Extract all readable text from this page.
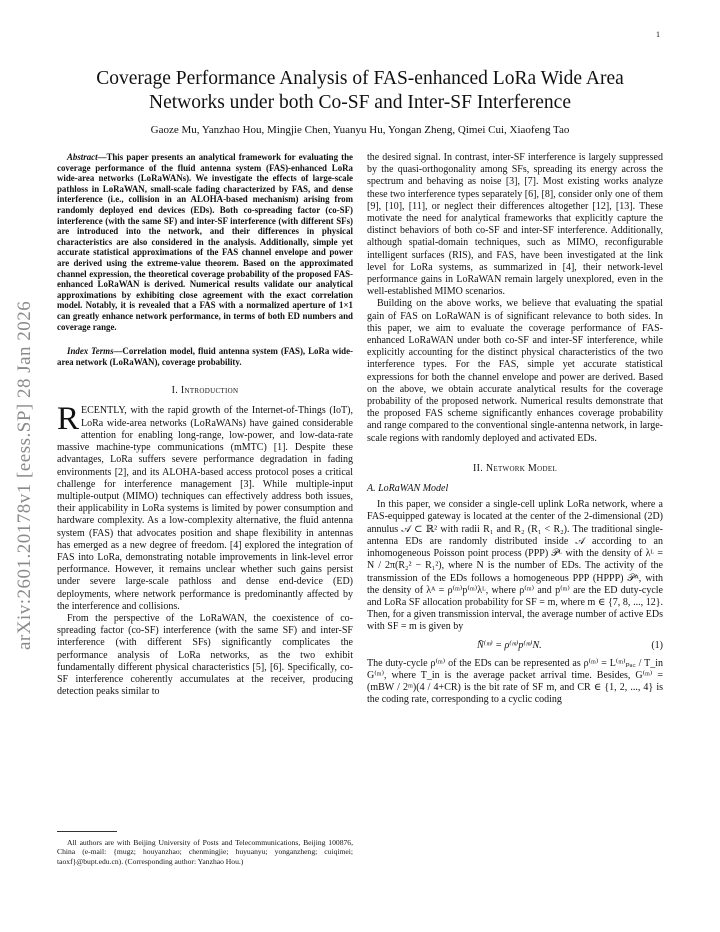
1
arXiv:2601.20178v1 [eess.SP] 28 Jan 2026
Coverage Performance Analysis of FAS-enhanced LoRa Wide Area Networks under both Co-SF and Inter-SF Interference
Gaoze Mu, Yanzhao Hou, Mingjie Chen, Yuanyu Hu, Yongan Zheng, Qimei Cui, Xiaofeng Tao
Abstract—This paper presents an analytical framework for evaluating the coverage performance of the fluid antenna system (FAS)-enhanced LoRa wide-area networks (LoRaWANs). We investigate the effects of large-scale pathloss in LoRaWAN, small-scale fading characterized by FAS, and dense interference (i.e., collision in an ALOHA-based mechanism) arising from randomly deployed end devices (EDs). Both co-spreading factor (co-SF) interference (with the same SF) and inter-SF interference (with different SFs) are introduced into the network, and their differences in physical characteristics are also considered in the analysis. Additionally, simple yet accurate statistical approximations of the FAS channel envelope and power are derived using the extreme-value theorem. Based on the approximated channel expression, the theoretical coverage probability of the proposed FAS-enhanced LoRaWAN is derived. Numerical results validate our analytical approximations by exhibiting close agreement with the exact correlation model. Notably, it is revealed that a FAS with a normalized aperture of 1×1 can greatly enhance network performance, in terms of both ED numbers and coverage range.
Index Terms—Correlation model, fluid antenna system (FAS), LoRa wide-area network (LoRaWAN), coverage probability.
I. Introduction

RECENTLY, with the rapid growth of the Internet-of-Things (IoT), LoRa wide-area networks (LoRaWANs) have gained considerable attention for enabling long-range, low-power, and low-data-rate massive machine-type communications (mMTC) [1]. Despite these advantages, LoRa suffers severe performance degradation in fading environments [2], and its ALOHA-based access protocol poses a critical challenge for interference management [3]. While multiple-input multiple-output (MIMO) techniques can effectively address both issues, their applicability in LoRa systems is limited by power consumption and hardware complexity. As a low-complexity alternative, the fluid antenna system (FAS) that advocates position and shape flexibility in antennas has emerged as a new degree of freedom. [4] explored the integration of FAS into LoRa, demonstrating notable improvements in link-level error performance. However, it remains unclear whether such gains persist under severe large-scale pathloss and dense end-device (ED) deployments, where network performance is predominantly affected by the interference and collisions.

From the perspective of the LoRaWAN, the coexistence of co-spreading factor (co-SF) interference (with the same SF) and inter-SF interference (with different SFs) significantly complicates the performance analysis of LoRa networks, as the two exhibit fundamentally different physical characteristics [5], [6]. Specifically, co-SF interference coherently accumulates at the receiver, producing detection peaks similar to

All authors are with Beijing University of Posts and Telecommunications, Beijing 100876, China (e-mail: {mugz; houyanzhao; chenmingjie; huyuanyu; yonganzheng; cuiqimei; taoxf}@bupt.edu.cn). (Corresponding author: Yanzhao Hou.)

the desired signal. In contrast, inter-SF interference is largely suppressed by the quasi-orthogonality among SFs, spreading its energy across the spectrum and behaving as noise [3], [7]. Most existing works analyze these two interference types separately [6], [8], consider only one of them [9], [10], [11], or neglect their differences altogether [12], [13]. These motivate the need for analytical frameworks that explicitly capture the distinct behaviors of both co-SF and inter-SF interference. Additionally, although spatial-domain techniques, such as MIMO, reconfigurable intelligent surfaces (RIS), and FAS, have been investigated at the link level for LoRa systems, as summarized in [4], their network-level performance gains in LoRaWAN remain largely unexplored, even in the well-established MIMO scenarios.

Building on the above works, we believe that evaluating the spatial gain of FAS on LoRaWAN is of significant relevance to both sides. In this paper, we aim to evaluate the coverage performance of FAS-enhanced LoRaWAN under both co-SF and inter-SF interference, while explicitly accounting for the distinct physical characteristics of the two interference types. For the FAS, simple yet accurate statistical expressions for both the channel envelope and power are derived. Based on the above, we obtain accurate analytical results for the coverage probability of the proposed network. Numerical results demonstrate that the proposed FAS scheme significantly enhances coverage probability and range compared to the conventional single-antenna network, in large-scale regions with randomly deployed and activated EDs.

II. Network Model
A. LoRaWAN Model

In this paper, we consider a single-cell uplink LoRa network, where a FAS-equipped gateway is located at the center of the 2-dimensional (2D) annulus 𝒜 ⊂ ℝ² with radii R₁ and R₂ (R₁ < R₂). The traditional single-antenna EDs are randomly distributed inside 𝒜 according to an inhomogeneous Poisson point process (PPP) 𝒫ᴸ with the density of λᴸ = N / 2π(R₂² − R₁²), where N is the number of EDs. The activity of the transmission of the EDs follows a homogeneous PPP (HPPP) 𝒫ᴬ, with the density of λᴬ = ρ⁽ᵐ⁾p⁽ᵐ⁾λᴸ, where ρ⁽ᵐ⁾ and p⁽ᵐ⁾ are the ED duty-cycle and LoRa SF allocation probability for SF = m, where m ∈ {7, 8, ..., 12}. Then, for a given transmission interval, the average number of active EDs with SF = m is given by

N̄⁽ᵐ⁾ = ρ⁽ᵐ⁾p⁽ᵐ⁾N.	(1)

The duty-cycle ρ⁽ᵐ⁾ of the EDs can be represented as ρ⁽ᵐ⁾ = L⁽ᵐ⁾ₚₐ꜀ / T_in G⁽ᵐ⁾, where T_in is the average packet arrival time. Besides, G⁽ᵐ⁾ = (mBW / 2ᵐ)(4 / 4+CR) is the bit rate of SF m, and CR ∈ {1, 2, ..., 4} is the coding rate, corresponding to a cyclic coding
